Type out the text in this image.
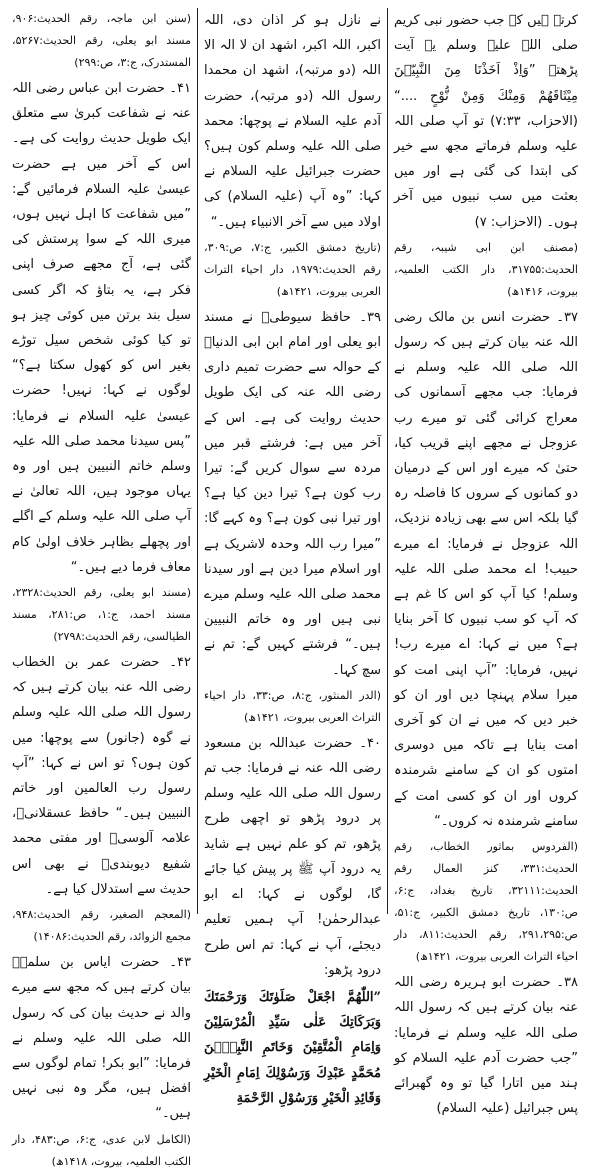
کرتے ہیں کہ جب حضور نبی کریم صلی اللہ علیہ وسلم یہ آیت پڑھتے ”وَاِذْ اَخَذْنَا مِنَ النَّبِيّٖنَ مِيْثَاقَهُمْ وَمِنْكَ وَمِنْ نُّوْحٍ ....“ (الاحزاب، ۷:۳۳) تو آپ صلی اللہ علیہ وسلم فرماتے مجھ سے خیر کی ابتدا کی گئی ہے اور میں بعثت میں سب نبیوں میں آخر ہوں۔ (الاحزاب: ۷)

(مصنف ابن ابی شیبہ، رقم الحدیث:۳۱۷۵۵، دار الکتب العلمیہ، بیروت، ۱۴۱۶ھ)

۳۷۔ حضرت انس بن مالک رضی اللہ عنہ بیان کرتے ہیں کہ رسول اللہ صلی اللہ علیہ وسلم نے فرمایا: جب مجھے آسمانوں کی معراج کرائی گئی تو میرے رب عزوجل نے مجھے اپنے قریب کیا، حتیٰ کہ میرے اور اس کے درمیان دو کمانوں کے سروں کا فاصلہ رہ گیا بلکہ اس سے بھی زیادہ نزدیک، اللہ عزوجل نے فرمایا: اے میرے حبیب! اے محمد صلی اللہ علیہ وسلم! کیا آپ کو اس کا غم ہے کہ آپ کو سب نبیوں کا آخر بنایا ہے؟ میں نے کہا: اے میرے رب! نہیں، فرمایا: ”آپ اپنی امت کو میرا سلام پہنچا دیں اور ان کو خبر دیں کہ میں نے ان کو آخری امت بنایا ہے تاکہ میں دوسری امتوں کو ان کے سامنے شرمندہ کروں اور ان کو کسی امت کے سامنے شرمندہ نہ کروں۔“

(الفردوس بماثور الخطاب، رقم الحدیث:۳۳۱، کنز العمال رقم الحدیث:۳۲۱۱۱، تاریخ بغداد، ج:۶، ص:۱۳۰، تاریخ دمشق الکبیر، ج:۵۱، ص:۲۹۱،۲۹۵، رقم الحدیث:۸۱۱، دار احیاء التراث العربی بیروت، ۱۴۲۱ھ)

۳۸۔ حضرت ابو ہریرہ رضی اللہ عنہ بیان کرتے ہیں کہ رسول اللہ صلی اللہ علیہ وسلم نے فرمایا: ”جب حضرت آدم علیہ السلام کو ہند میں اتارا گیا تو وہ گھبرائے پس جبرائیل (علیہ السلام)

نے نازل ہو کر اذان دی، اللہ اکبر، اللہ اکبر، اشھد ان لا الہ الا اللہ (دو مرتبہ)، اشھد ان محمدا رسول اللہ (دو مرتبہ)، حضرت آدم علیہ السلام نے پوچھا: محمد صلی اللہ علیہ وسلم کون ہیں؟ حضرت جبرائیل علیہ السلام نے کہا: ”وہ آپ (علیہ السلام) کی اولاد میں سے آخر الانبیاء ہیں۔“

(تاریخ دمشق الکبیر، ج:۷، ص:۳۰۹، رقم الحدیث:۱۹۷۹، دار احیاء التراث العربی بیروت، ۱۴۲۱ھ)

۳۹۔ حافظ سیوطیؒ نے مسند ابو یعلی اور امام ابن ابی الدنیاؒ کے حوالہ سے حضرت تمیم داری رضی اللہ عنہ کی ایک طویل حدیث روایت کی ہے۔ اس کے آخر میں ہے: فرشتے قبر میں مردہ سے سوال کریں گے: تیرا رب کون ہے؟ تیرا دین کیا ہے؟ اور تیرا نبی کون ہے؟ وہ کہے گا: ”میرا رب اللہ وحدہ لاشریک ہے اور اسلام میرا دین ہے اور سیدنا محمد صلی اللہ علیہ وسلم میرے نبی ہیں اور وہ خاتم النبیین ہیں۔“ فرشتے کہیں گے: تم نے سچ کہا۔

(الدر المنثور، ج:۸، ص:۳۳، دار احیاء التراث العربی بیروت، ۱۴۲۱ھ)

۴۰۔ حضرت عبداللہ بن مسعود رضی اللہ عنہ نے فرمایا: جب تم رسول اللہ صلی اللہ علیہ وسلم پر درود پڑھو تو اچھی طرح پڑھو، تم کو علم نہیں ہے شاید یہ درود آپ ﷺ پر پیش کیا جائے گا، لوگوں نے کہا: اے ابو عبدالرحمٰن! آپ ہمیں تعلیم دیجئے، آپ نے کہا: تم اس طرح درود پڑھو:

”اللّٰهُمَّ اجْعَلْ صَلَوٰتَكَ وَرَحْمَتَكَ وَبَرَكَاتِكَ عَلٰى سَيِّدِ الْمُرْسَلِيْنَ وَاِمَامِ الْمُتَّقِيْنَ وَخَاتَمِ النَّبِيّٖنَ مُحَمَّدٍ عَبْدِكَ وَرَسُوْلِكَ اِمَامِ الْخَيْرِ وَقَائِدِ الْخَيْرِ وَرَسُوْلِ الرَّحْمَةِ

(سنن ابن ماجہ، رقم الحدیث:۹۰۶، مسند ابو یعلی، رقم الحدیث:۵۲۶۷، المستدرک، ج:۳، ص:۲۹۹)

۴۱۔ حضرت ابن عباس رضی اللہ عنہ نے شفاعت کبریٰ سے متعلق ایک طویل حدیث روایت کی ہے۔ اس کے آخر میں ہے حضرت عیسیٰ علیہ السلام فرمائیں گے: ”میں شفاعت کا اہل نہیں ہوں، میری اللہ کے سوا پرستش کی گئی ہے، آج مجھے صرف اپنی فکر ہے، یہ بتاؤ کہ اگر کسی سیل بند برتن میں کوئی چیز ہو تو کیا کوئی شخص سیل توڑے بغیر اس کو کھول سکتا ہے؟“ لوگوں نے کہا: نہیں! حضرت عیسیٰ علیہ السلام نے فرمایا: ”پس سیدنا محمد صلی اللہ علیہ وسلم خاتم النبیین ہیں اور وہ یہاں موجود ہیں، اللہ تعالیٰ نے آپ صلی اللہ علیہ وسلم کے اگلے اور پچھلے بظاہر خلاف اولیٰ کام معاف فرما دیے ہیں۔“

(مسند ابو یعلی، رقم الحدیث:۲۳۲۸، مسند احمد، ج:۱، ص:۲۸۱، مسند الطیالسی، رقم الحدیث:۲۷۹۸)

۴۲۔ حضرت عمر بن الخطاب رضی اللہ عنہ بیان کرتے ہیں کہ رسول اللہ صلی اللہ علیہ وسلم نے گوہ (جانور) سے پوچھا: میں کون ہوں؟ تو اس نے کہا: ”آپ رسول رب العالمین اور خاتم النبیین ہیں۔“ حافظ عسقلانیؒ، علامہ آلوسیؒ اور مفتی محمد شفیع دیوبندیؒ نے بھی اس حدیث سے استدلال کیا ہے۔

(المعجم الصغیر، رقم الحدیث:۹۴۸، مجمع الزوائد، رقم الحدیث:۱۴۰۸۶)

۴۳۔ حضرت ایاس بن سلمہؓ بیان کرتے ہیں کہ مجھ سے میرے والد نے حدیث بیان کی کہ رسول اللہ صلی اللہ علیہ وسلم نے فرمایا: ”ابو بکر! تمام لوگوں سے افضل ہیں، مگر وہ نبی نہیں ہیں۔“

(الکامل لابن عدی، ج:۶، ص:۴۸۳، دار الکتب العلمیہ، بیروت، ۱۴۱۸ھ)
